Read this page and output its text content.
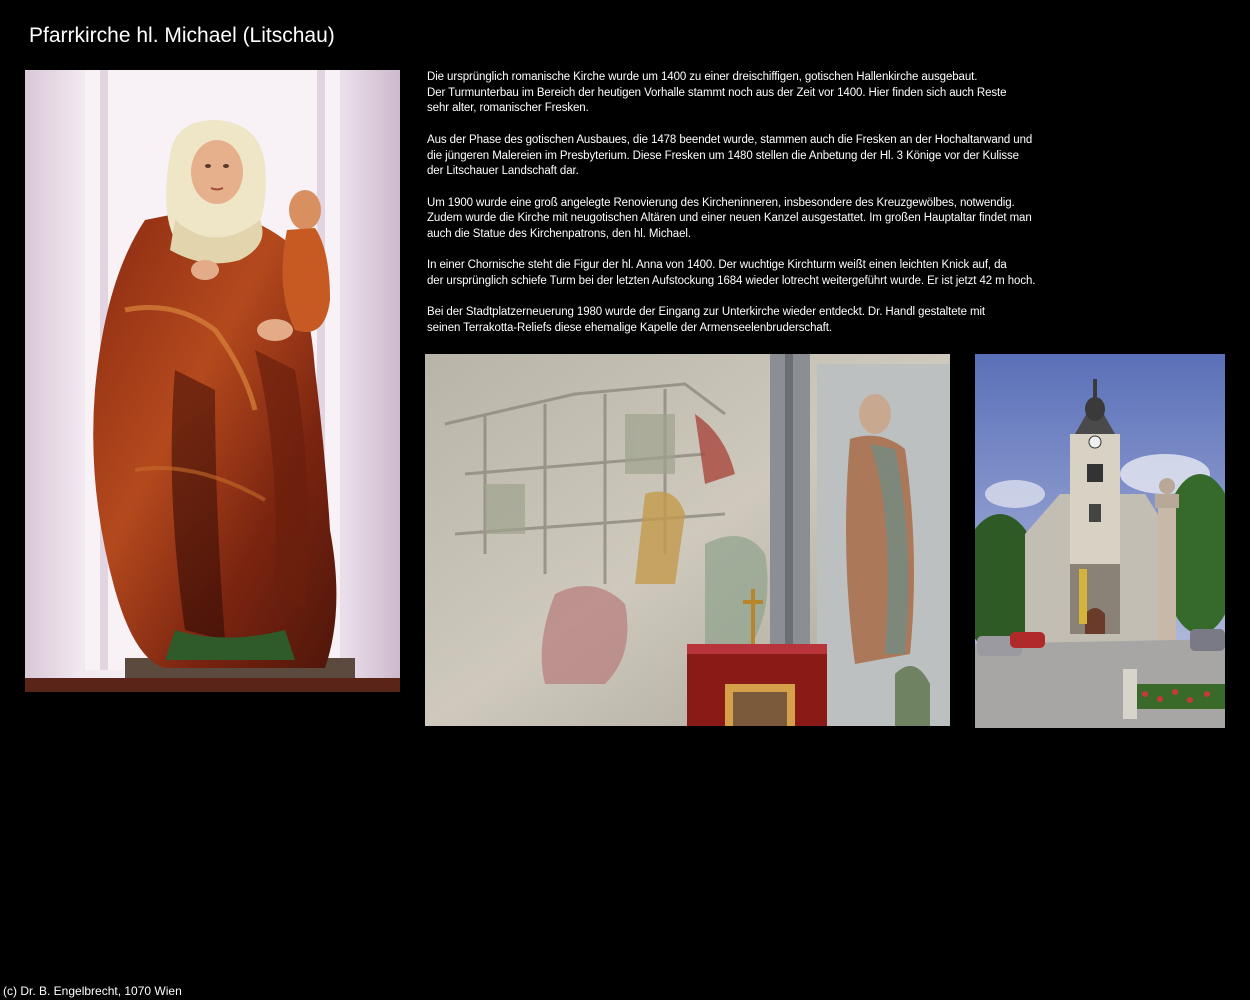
Pfarrkirche hl. Michael (Litschau)

Die ursprünglich romanische Kirche wurde um 1400 zu einer dreischiffigen, gotischen Hallenkirche ausgebaut.
Der Turmunterbau im Bereich der heutigen Vorhalle stammt noch aus der Zeit vor 1400. Hier finden sich auch Reste
sehr alter, romanischer Fresken.

Aus der Phase des gotischen Ausbaues, die 1478 beendet wurde, stammen auch die Fresken an der Hochaltarwand und
die jüngeren Malereien im Presbyterium. Diese Fresken um 1480 stellen die Anbetung der Hl. 3 Könige vor der Kulisse
der Litschauer Landschaft dar.

Um 1900 wurde eine groß angelegte Renovierung des Kircheninneren, insbesondere des Kreuzgewölbes, notwendig.
Zudem wurde die Kirche mit neugotischen Altären und einer neuen Kanzel ausgestattet. Im großen Hauptaltar findet man
auch die Statue des Kirchenpatrons, den hl. Michael.

In einer Chornische steht die Figur der hl. Anna von 1400. Der wuchtige Kirchturm weißt einen leichten Knick auf, da
der ursprünglich schiefe Turm bei der letzten Aufstockung 1684 wieder lotrecht weitergeführt wurde. Er ist jetzt 42 m hoch.

Bei der Stadtplatzerneuerung 1980 wurde der Eingang zur Unterkirche wieder entdeckt. Dr. Handl gestaltete mit
seinen Terrakotta-Reliefs diese ehemalige Kapelle der Armenseelenbruderschaft.

(c) Dr. B. Engelbrecht, 1070 Wien
